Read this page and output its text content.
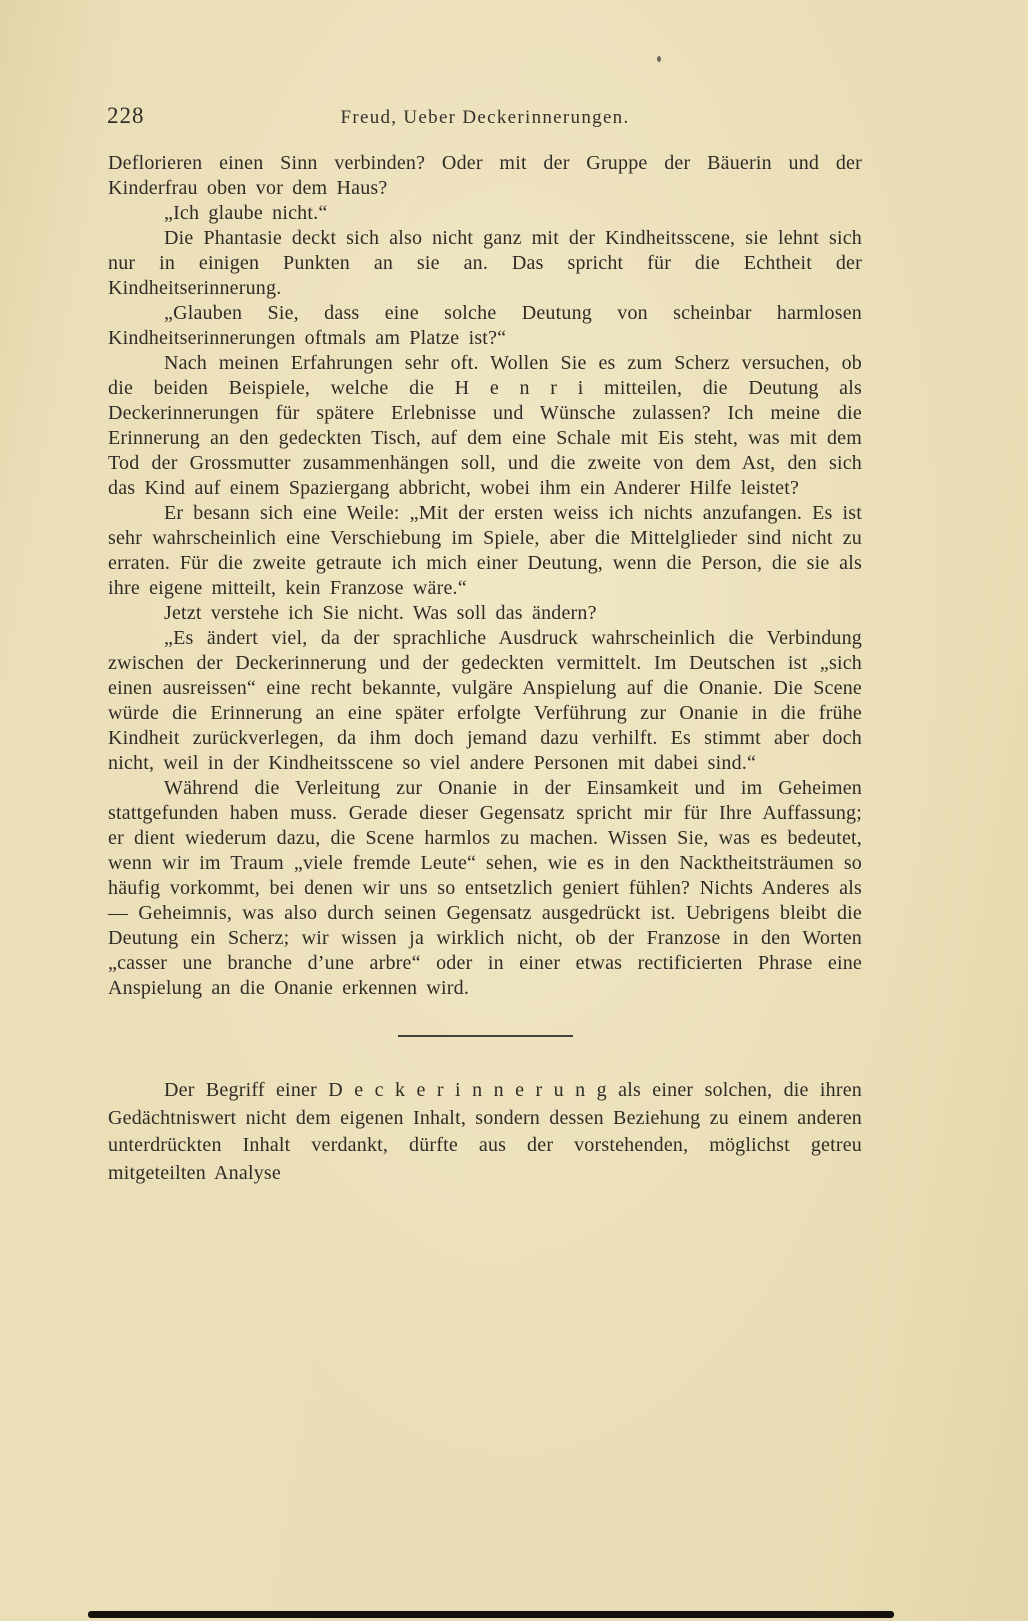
228	Freud, Ueber Deckerinnerungen.

Deflorieren einen Sinn verbinden? Oder mit der Gruppe der Bäuerin und der Kinderfrau oben vor dem Haus?

„Ich glaube nicht.“

Die Phantasie deckt sich also nicht ganz mit der Kindheitsscene, sie lehnt sich nur in einigen Punkten an sie an. Das spricht für die Echtheit der Kindheitserinnerung.

„Glauben Sie, dass eine solche Deutung von scheinbar harmlosen Kindheitserinnerungen oftmals am Platze ist?“

Nach meinen Erfahrungen sehr oft. Wollen Sie es zum Scherz versuchen, ob die beiden Beispiele, welche die H e n r i mitteilen, die Deutung als Deckerinnerungen für spätere Erlebnisse und Wünsche zulassen? Ich meine die Erinnerung an den gedeckten Tisch, auf dem eine Schale mit Eis steht, was mit dem Tod der Grossmutter zusammenhängen soll, und die zweite von dem Ast, den sich das Kind auf einem Spaziergang abbricht, wobei ihm ein Anderer Hilfe leistet?

Er besann sich eine Weile: „Mit der ersten weiss ich nichts anzufangen. Es ist sehr wahrscheinlich eine Verschiebung im Spiele, aber die Mittelglieder sind nicht zu erraten. Für die zweite getraute ich mich einer Deutung, wenn die Person, die sie als ihre eigene mitteilt, kein Franzose wäre.“

Jetzt verstehe ich Sie nicht. Was soll das ändern?

„Es ändert viel, da der sprachliche Ausdruck wahrscheinlich die Verbindung zwischen der Deckerinnerung und der gedeckten vermittelt. Im Deutschen ist „sich einen ausreissen“ eine recht bekannte, vulgäre Anspielung auf die Onanie. Die Scene würde die Erinnerung an eine später erfolgte Verführung zur Onanie in die frühe Kindheit zurückverlegen, da ihm doch jemand dazu verhilft. Es stimmt aber doch nicht, weil in der Kindheitsscene so viel andere Personen mit dabei sind.“

Während die Verleitung zur Onanie in der Einsamkeit und im Geheimen stattgefunden haben muss. Gerade dieser Gegensatz spricht mir für Ihre Auffassung; er dient wiederum dazu, die Scene harmlos zu machen. Wissen Sie, was es bedeutet, wenn wir im Traum „viele fremde Leute“ sehen, wie es in den Nacktheitsträumen so häufig vorkommt, bei denen wir uns so entsetzlich geniert fühlen? Nichts Anderes als — Geheimnis, was also durch seinen Gegensatz ausgedrückt ist. Uebrigens bleibt die Deutung ein Scherz; wir wissen ja wirklich nicht, ob der Franzose in den Worten „casser une branche d’une arbre“ oder in einer etwas rectificierten Phrase eine Anspielung an die Onanie erkennen wird.

Der Begriff einer D e c k e r i n n e r u n g als einer solchen, die ihren Gedächtniswert nicht dem eigenen Inhalt, sondern dessen Beziehung zu einem anderen unterdrückten Inhalt verdankt, dürfte aus der vorstehenden, möglichst getreu mitgeteilten Analyse
